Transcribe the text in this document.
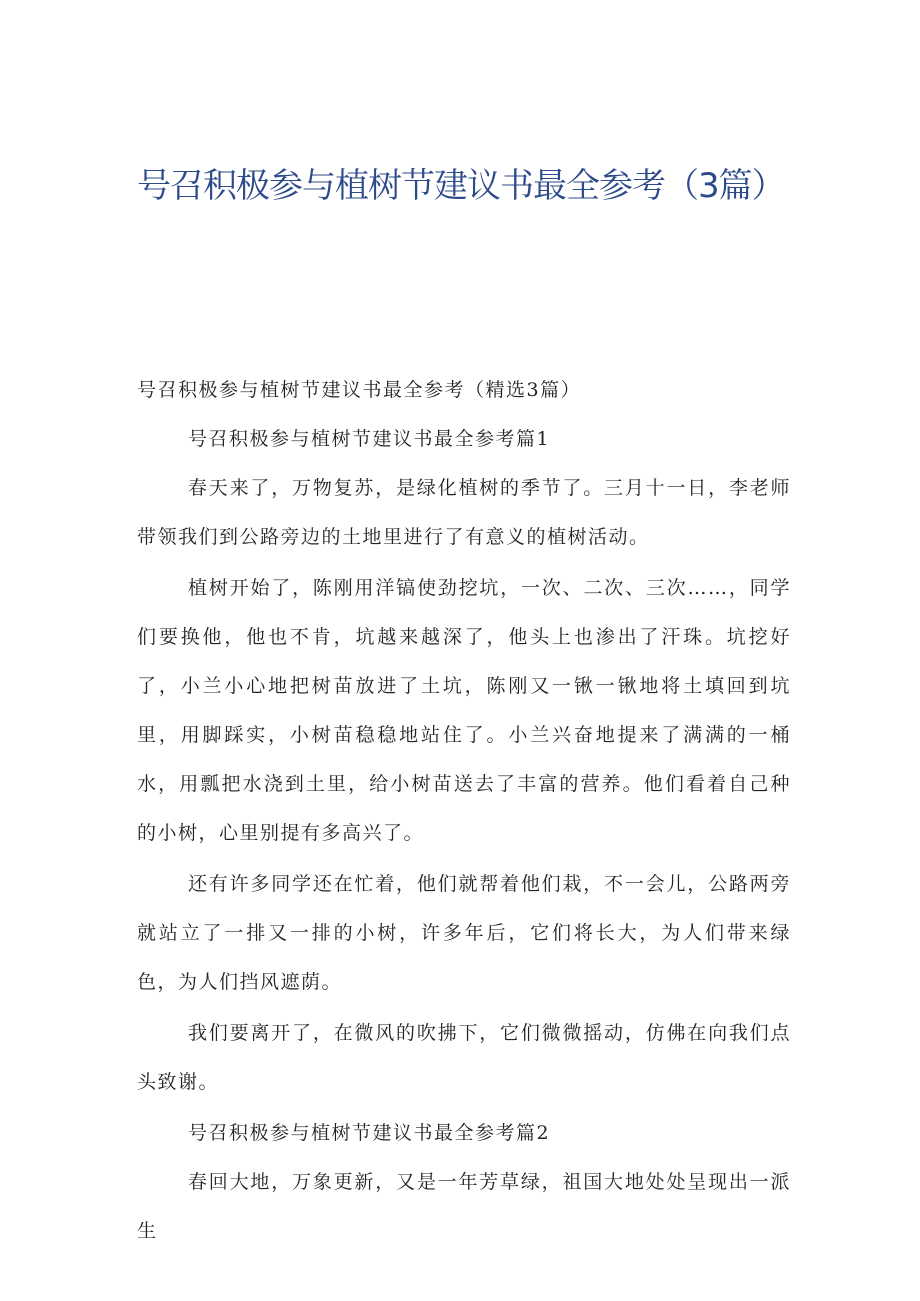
号召积极参与植树节建议书最全参考（3篇）

号召积极参与植树节建议书最全参考（精选3篇）

号召积极参与植树节建议书最全参考篇1

春天来了，万物复苏，是绿化植树的季节了。三月十一日，李老师带领我们到公路旁边的土地里进行了有意义的植树活动。

植树开始了，陈刚用洋镐使劲挖坑，一次、二次、三次……，同学们要换他，他也不肯，坑越来越深了，他头上也渗出了汗珠。坑挖好了，小兰小心地把树苗放进了土坑，陈刚又一锹一锹地将土填回到坑里，用脚踩实，小树苗稳稳地站住了。小兰兴奋地提来了满满的一桶水，用瓢把水浇到土里，给小树苗送去了丰富的营养。他们看着自己种的小树，心里别提有多高兴了。

还有许多同学还在忙着，他们就帮着他们栽，不一会儿，公路两旁就站立了一排又一排的小树，许多年后，它们将长大，为人们带来绿色，为人们挡风遮荫。

我们要离开了，在微风的吹拂下，它们微微摇动，仿佛在向我们点头致谢。

号召积极参与植树节建议书最全参考篇2

春回大地，万象更新，又是一年芳草绿，祖国大地处处呈现出一派生
